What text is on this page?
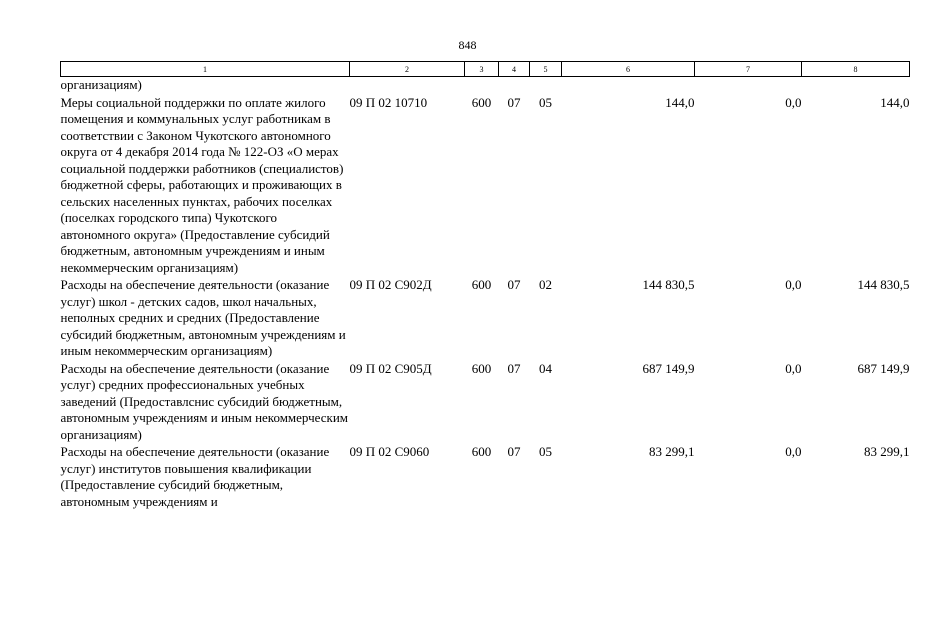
848
1	2	3	4	5	6	7	8
организациям)							
Меры социальной поддержки по оплате жилого помещения и коммунальных услуг работникам в соответствии с Законом Чукотского автономного округа от 4 декабря 2014 года № 122-ОЗ «О мерах социальной поддержки работников (специалистов) бюджетной сферы, работающих и проживающих в сельских населенных пунктах, рабочих поселках (поселках городского типа) Чукотского автономного округа» (Предоставление субсидий бюджетным, автономным учреждениям и иным некоммерческим организациям)	09 П 02 10710	600	07	05	144,0	0,0	144,0
Расходы на обеспечение деятельности (оказание услуг) школ - детских садов, школ начальных, неполных средних и средних (Предоставление субсидий бюджетным, автономным учреждениям и иным некоммерческим организациям)	09 П 02 С902Д	600	07	02	144 830,5	0,0	144 830,5
Расходы на обеспечение деятельности (оказание услуг) средних профессиональных учебных заведений (Предоставлснис субсидий бюджетным, автономным учреждениям и иным некоммерческим организациям)	09 П 02 С905Д	600	07	04	687 149,9	0,0	687 149,9
Расходы на обеспечение деятельности (оказание услуг) институтов повышения квалификации (Предоставление субсидий бюджетным, автономным учреждениям и	09 П 02 С9060	600	07	05	83 299,1	0,0	83 299,1
